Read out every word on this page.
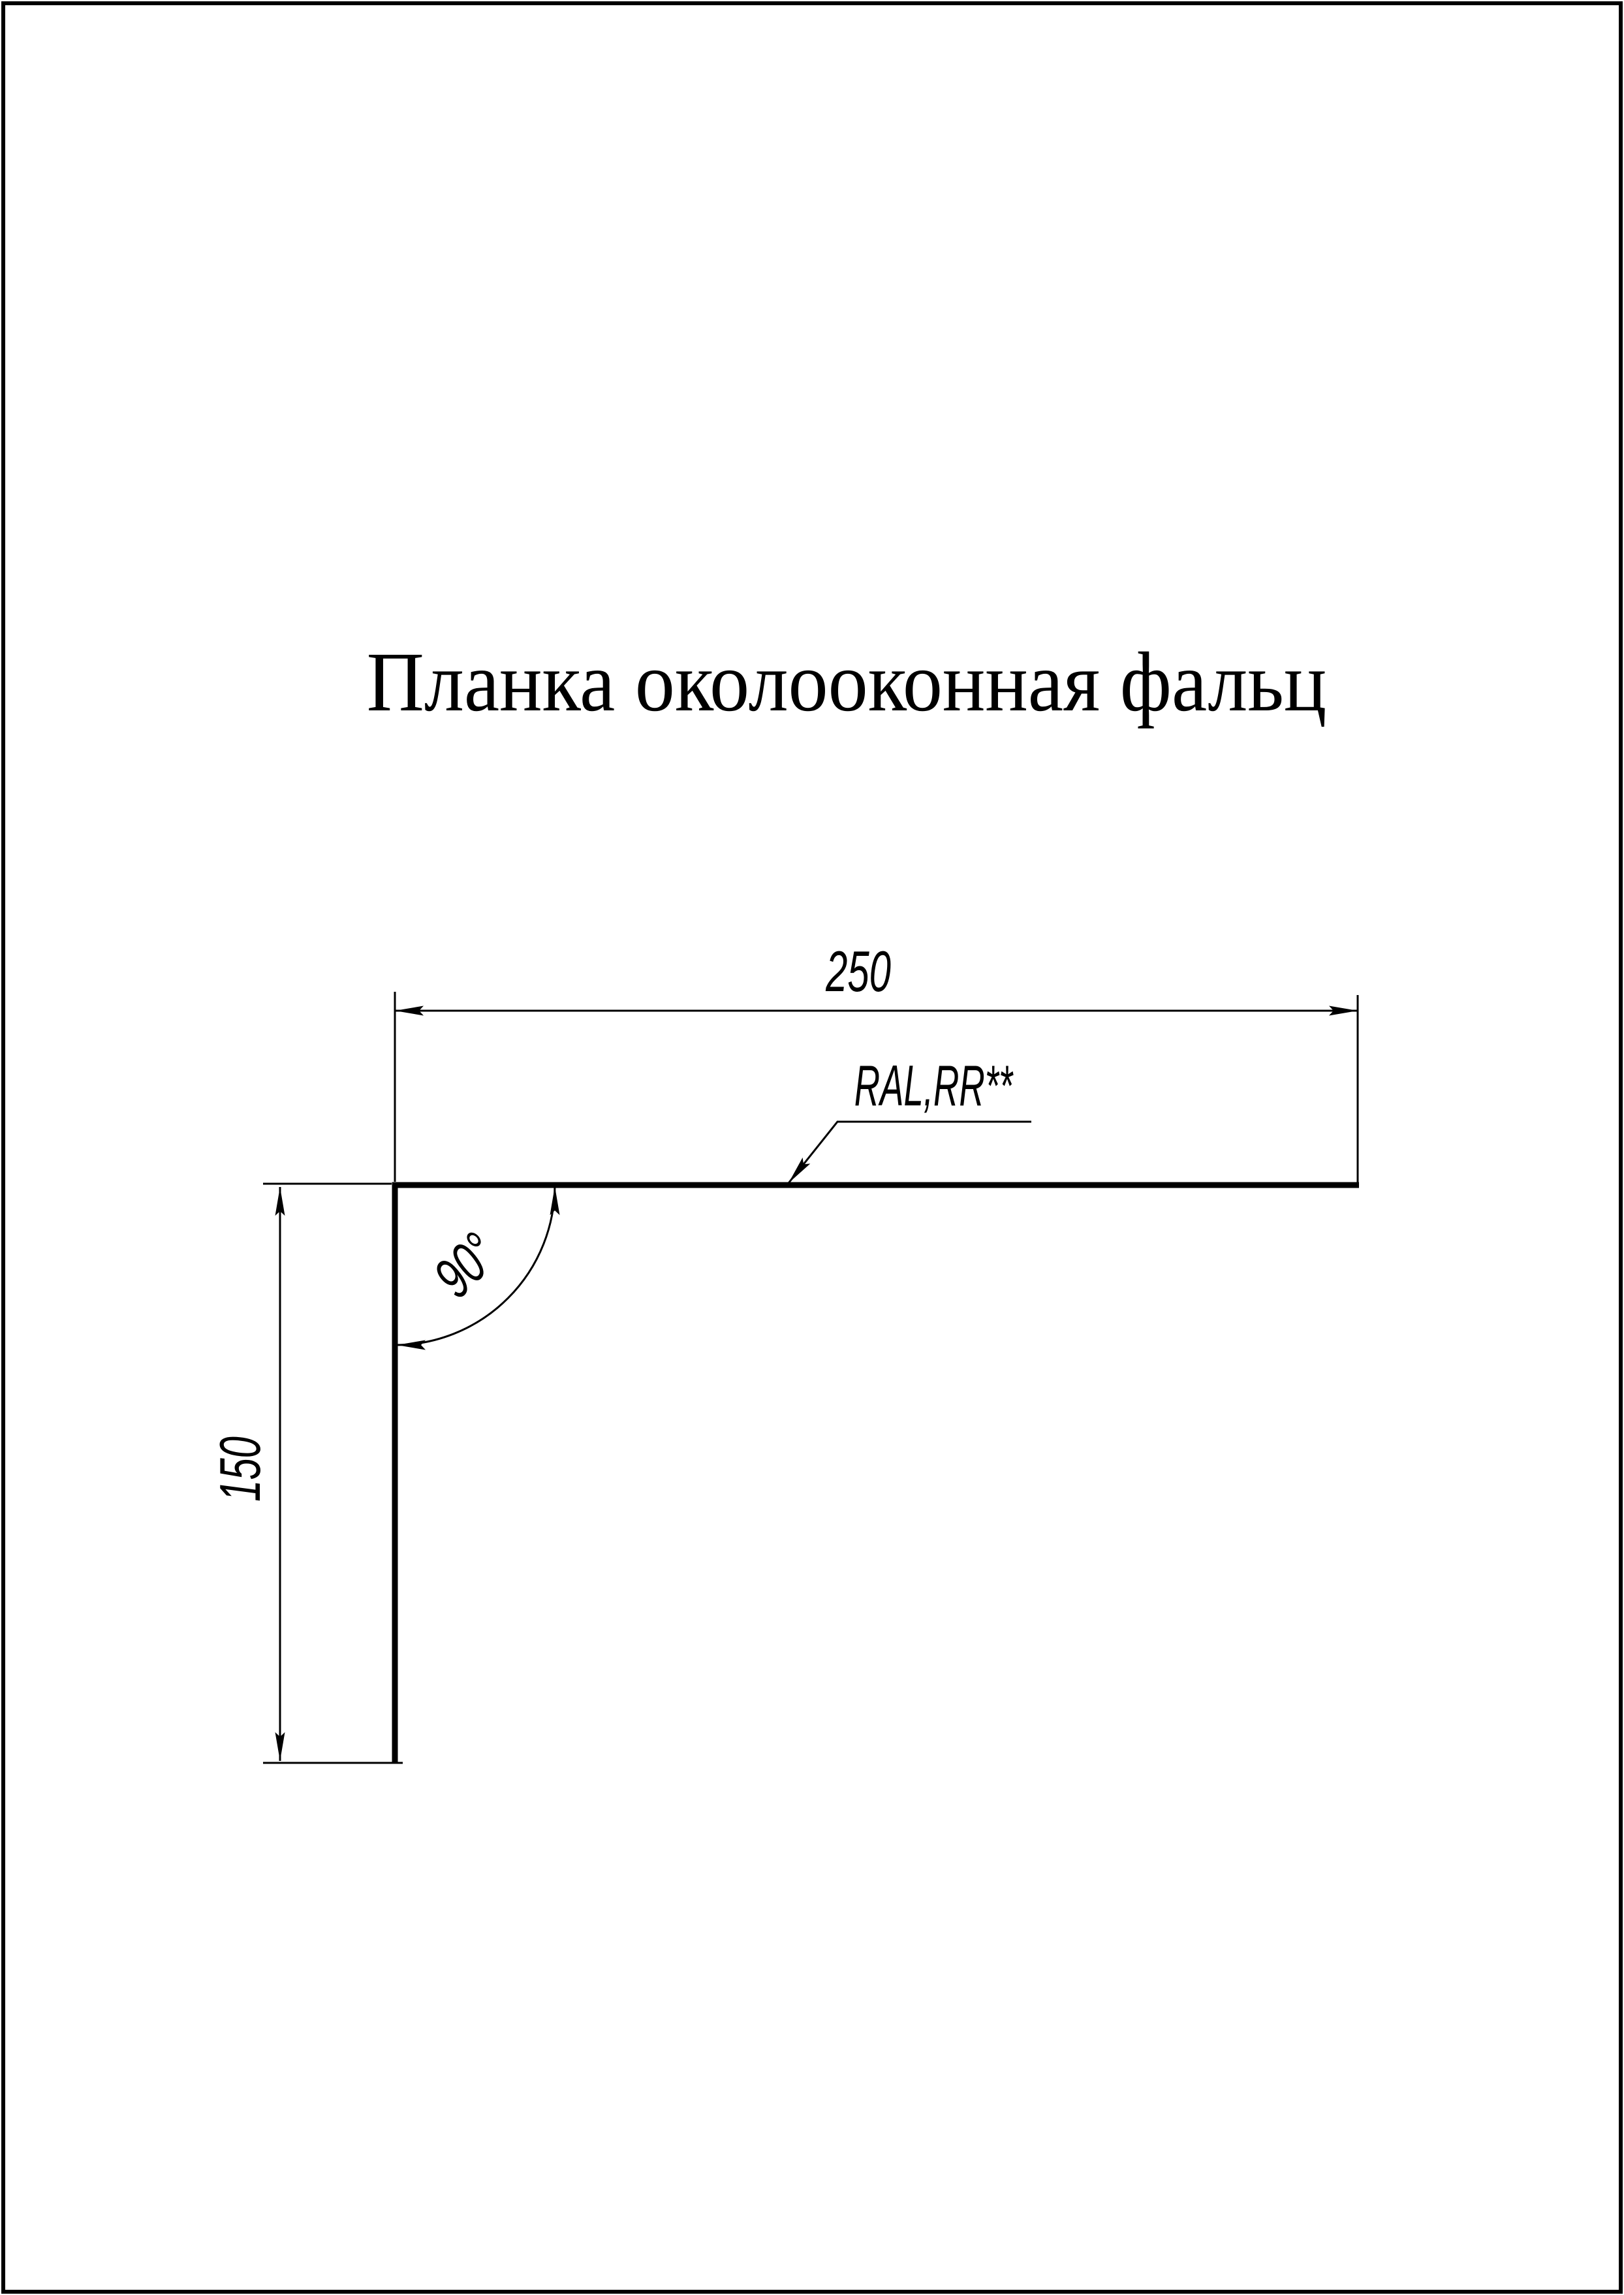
Планка околооконная фальц
250
150
90°
RAL,RR**
